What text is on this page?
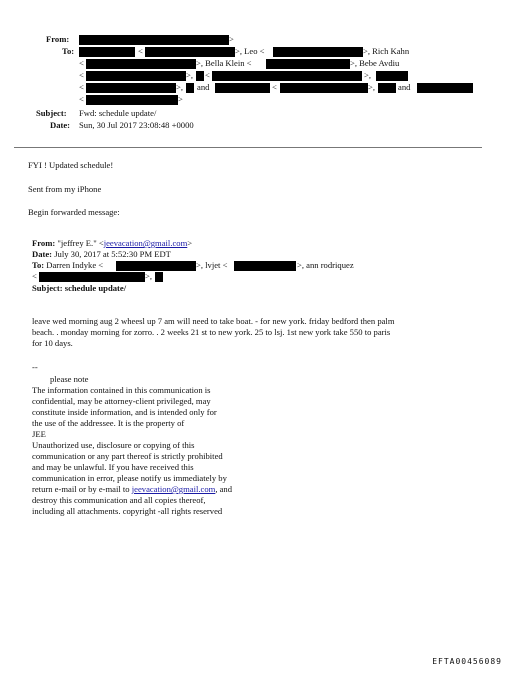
From:	>
To:	<	>, Leo <	>, Rich Kahn
<	>, Bella Klein <	>, Bebe Avdiu
<	>, <	>,
<	>, and	<	>,	and
<	>
Subject: Fwd: schedule update/
Date: Sun, 30 Jul 2017 23:08:48 +0000
FYI ! Updated schedule!
Sent from my iPhone
Begin forwarded message:
From: "jeffrey E." <jeevacation@gmail.com>
Date: July 30, 2017 at 5:52:30 PM EDT
To: Darren Indyke <	>, lvjet <	>, ann rodriquez
<	>,
Subject: schedule update/
leave wed morning aug 2 wheesl up 7 am will need to take boat. - for new york. friday bedford then palm
beach. . monday morning for zorro. . 2 weeks 21 st to new york. 25 to lsj. 1st new york take 550 to paris
for 10 days.
--
please note
The information contained in this communication is
confidential, may be attorney-client privileged, may
constitute inside information, and is intended only for
the use of the addressee. It is the property of
JEE
Unauthorized use, disclosure or copying of this
communication or any part thereof is strictly prohibited
and may be unlawful. If you have received this
communication in error, please notify us immediately by
return e-mail or by e-mail to jeevacation@gmail.com, and
destroy this communication and all copies thereof,
including all attachments. copyright -all rights reserved
EFTA00456089
